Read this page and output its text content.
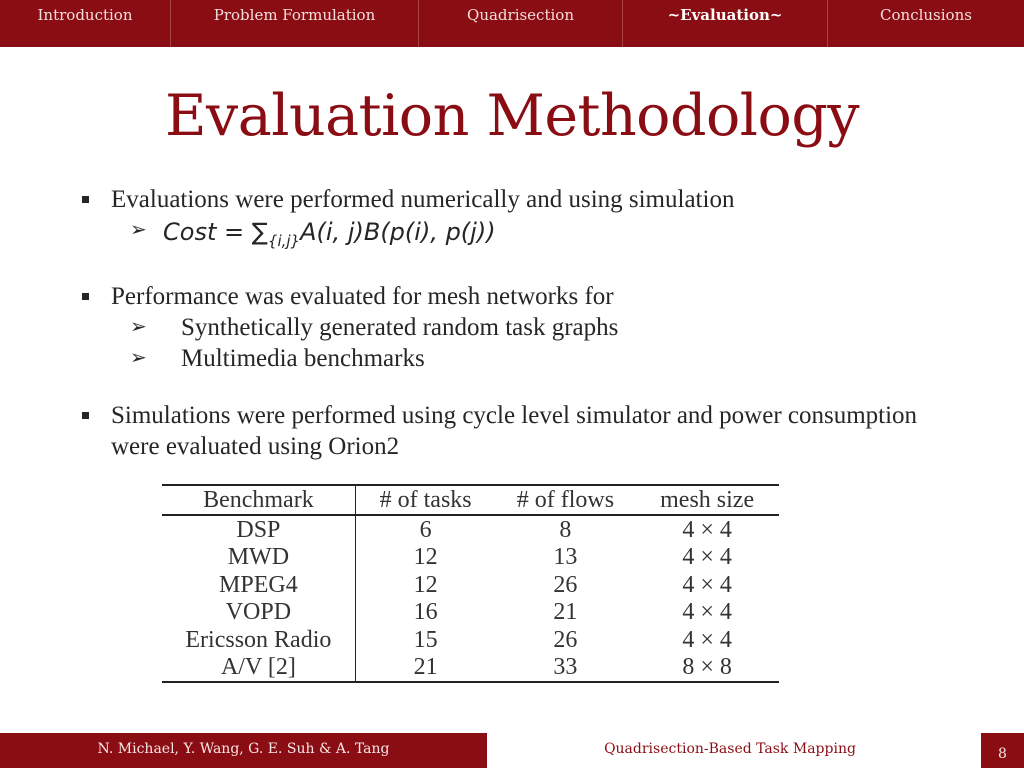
Introduction	Problem Formulation	Quadrisection	~Evaluation~	Conclusions
Evaluation Methodology
Evaluations were performed numerically and using simulation
➢ Cost = $\sum_{\{i,j\}}A(i$, j)B(p(i), p(j))
Performance was evaluated for mesh networks for
➢ Synthetically generated random task graphs
➢ Multimedia benchmarks
Simulations were performed using cycle level simulator and power consumption were evaluated using Orion2
Benchmark	# of tasks	# of flows	mesh size
DSP	6	8	4 × 4
MWD	12	13	4 × 4
MPEG4	12	26	4 × 4
VOPD	16	21	4 × 4
Ericsson Radio	15	26	4 × 4
A/V [2]	21	33	8 × 8
N. Michael, Y. Wang, G. E. Suh & A. Tang	Quadrisection-Based Task Mapping	8
